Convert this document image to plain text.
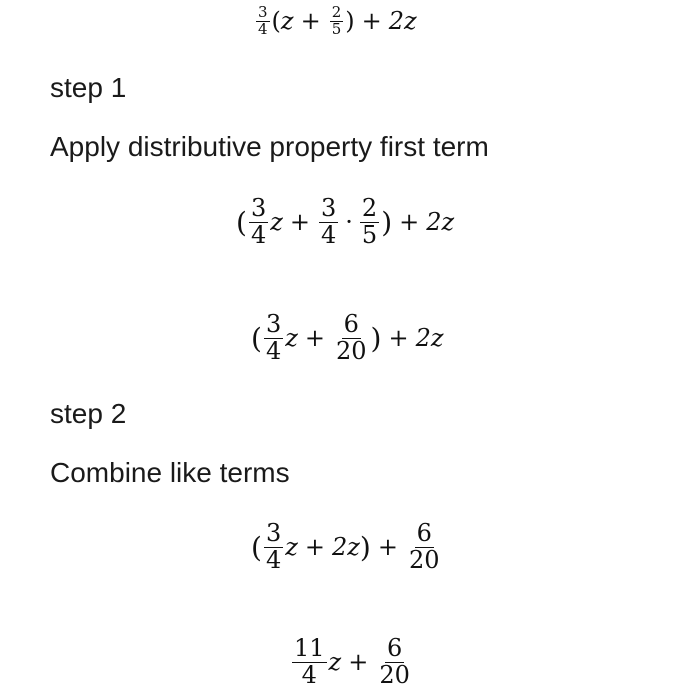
$\frac{3}{4}$ ( $z + \frac{2}{5}$ ) + 2z
step 1
Apply distributive property first term
( $\frac{3}{4}$ $z + \frac{3}{4} \cdot \frac{2}{5}$ ) + 2z
( $\frac{3}{4}$ $z + \frac{6}{20}$ ) + 2z
step 2
Combine like terms
( $\frac{3}{4}$ z + 2z ) + $\frac{6}{20}$
$\frac{11}{4}$ $z + \frac{6}{20}$
